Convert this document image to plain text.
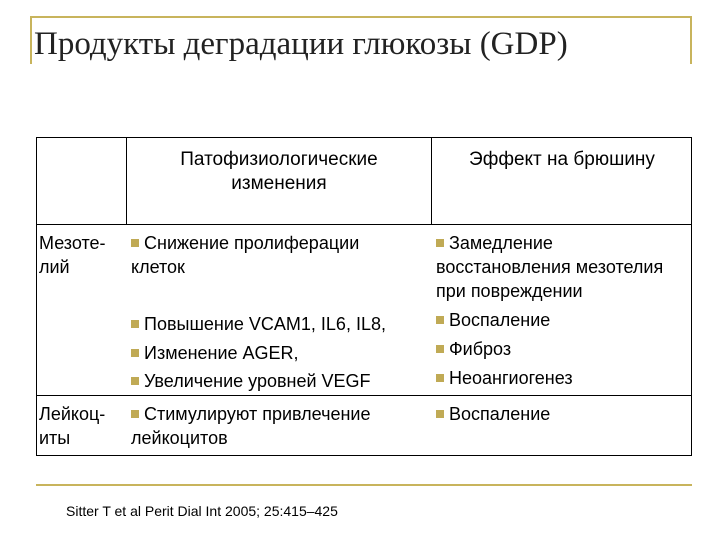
Продукты деградации глюкозы (GDP)
Патофизиологические
изменения
Эффект на брюшину
Мезоте-
лий
Снижение пролиферации
клеток
Повышение VCAM1, IL6, IL8,
Изменение AGER,
Увеличение уровней VEGF
Замедление
восстановления мезотелия
при повреждении
Воспаление
Фиброз
Неоангиогенез
Лейкоц-
иты
Стимулируют привлечение
лейкоцитов
Воспаление
Sitter T et al Perit Dial Int 2005; 25:415–425
